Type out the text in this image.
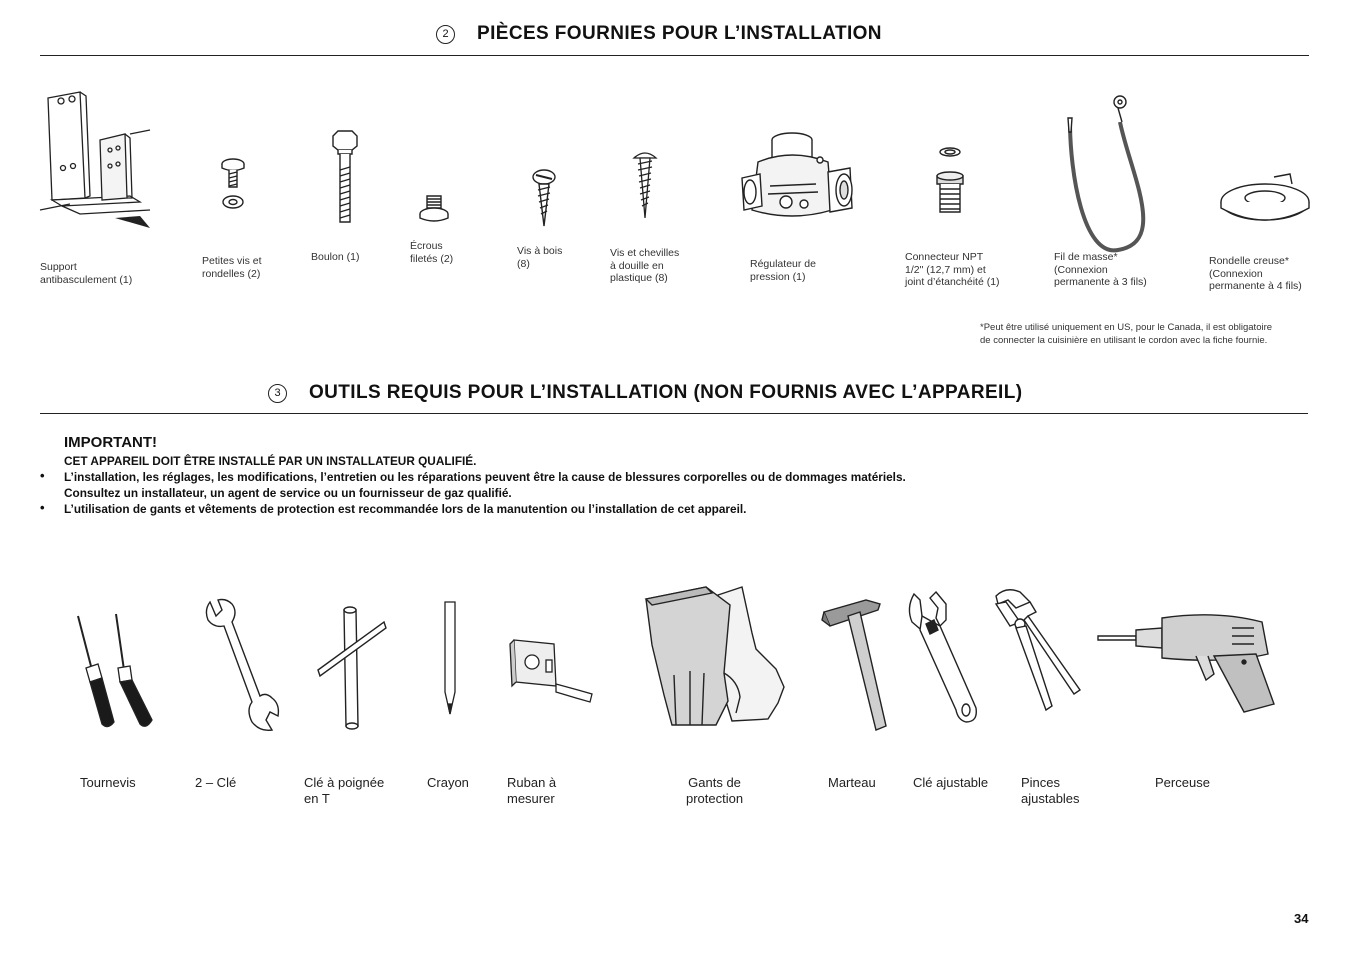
2	PIÈCES FOURNIES POUR L’INSTALLATION
Support
antibasculement (1)
Petites vis et
rondelles (2)
Boulon (1)
Écrous
filetés (2)
Vis à bois
(8)
Vis et chevilles
à douille en
plastique (8)
Régulateur de
pression (1)
Connecteur NPT
1/2" (12,7 mm) et
joint d’étanchéité (1)
Fil de masse*
(Connexion
permanente à 3 fils)
Rondelle creuse*
(Connexion
permanente à 4 fils)
*Peut être utilisé uniquement en US, pour le Canada, il est obligatoire
de connecter la cuisinière en utilisant le cordon avec la fiche fournie.
3	OUTILS REQUIS POUR L’INSTALLATION (NON FOURNIS AVEC L’APPAREIL)
IMPORTANT!
CET APPAREIL DOIT ÊTRE INSTALLÉ PAR UN INSTALLATEUR QUALIFIÉ.
• L’installation, les réglages, les modifications, l’entretien ou les réparations peuvent être la cause de blessures corporelles ou de dommages matériels.
Consultez un installateur, un agent de service ou un fournisseur de gaz qualifié.
• L’utilisation de gants et vêtements de protection est recommandée lors de la manutention ou l’installation de cet appareil.
Tournevis	2 – Clé	Clé à poignée
en T
Crayon	Ruban à
mesurer
Gants de
protection
Marteau	Clé ajustable	Pinces
ajustables
Perceuse
34
